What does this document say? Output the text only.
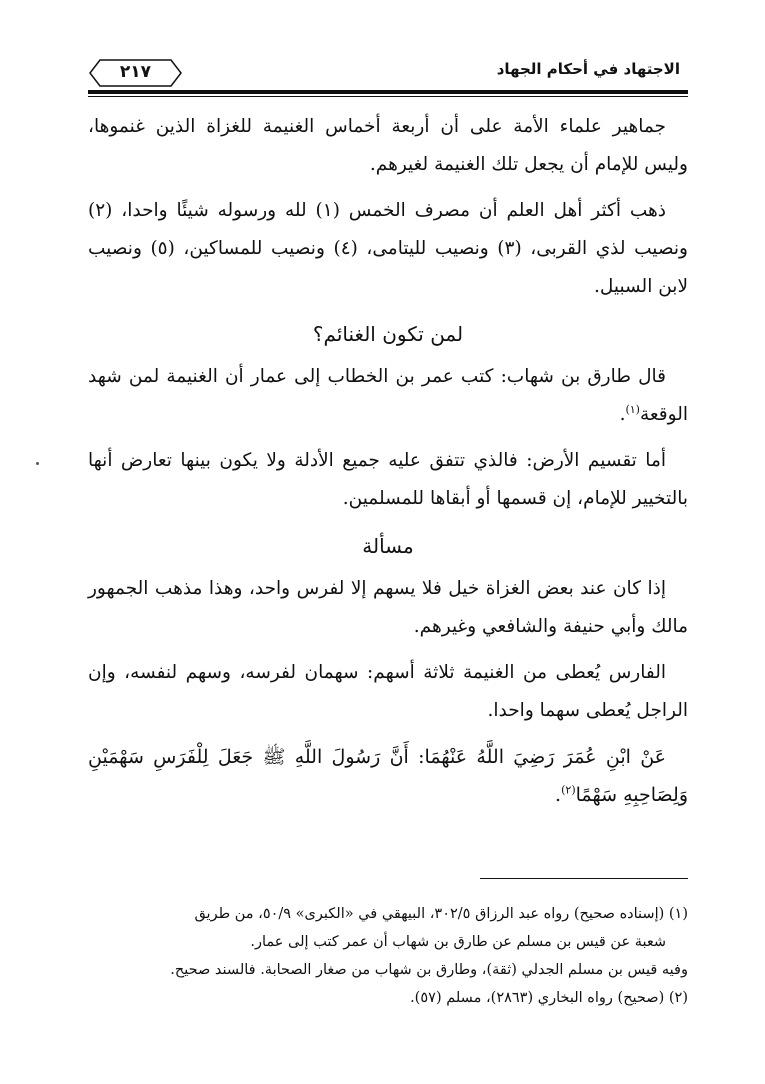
٢١٧	الاجتهاد في أحكام الجهاد

جماهير علماء الأمة على أن أربعة أخماس الغنيمة للغزاة الذين غنموها، وليس للإمام أن يجعل تلك الغنيمة لغيرهم.

ذهب أكثر أهل العلم أن مصرف الخمس (١) لله ورسوله شيئًا واحدا، (٢) ونصيب لذي القربى، (٣) ونصيب لليتامى، (٤) ونصيب للمساكين، (٥) ونصيب لابن السبيل.

لمن تكون الغنائم؟

قال طارق بن شهاب: كتب عمر بن الخطاب إلى عمار أن الغنيمة لمن شهد الوقعة$^{(١)}$.

أما تقسيم الأرض: فالذي تتفق عليه جميع الأدلة ولا يكون بينها تعارض أنها بالتخيير للإمام، إن قسمها أو أبقاها للمسلمين.

مسألة

إذا كان عند بعض الغزاة خيل فلا يسهم إلا لفرس واحد، وهذا مذهب الجمهور مالك وأبي حنيفة والشافعي وغيرهم.

الفارس يُعطى من الغنيمة ثلاثة أسهم: سهمان لفرسه، وسهم لنفسه، وإن الراجل يُعطى سهما واحدا.

عَنْ ابْنِ عُمَرَ رَضِيَ اللَّهُ عَنْهُمَا: أَنَّ رَسُولَ اللَّهِ ﷺ جَعَلَ لِلْفَرَسِ سَهْمَيْنِ وَلِصَاحِبِهِ سَهْمًا$^{(٢)}$.

(١) (إسناده صحيح) رواه عبد الرزاق ٣٠٢/٥، البيهقي في «الكبرى» ٥٠/٩، من طريق

شعبة عن قيس بن مسلم عن طارق بن شهاب أن عمر كتب إلى عمار.

وفيه قيس بن مسلم الجدلي (ثقة)، وطارق بن شهاب من صغار الصحابة. فالسند صحيح.

(٢) (صحيح) رواه البخاري (٢٨٦٣)، مسلم (٥٧).
